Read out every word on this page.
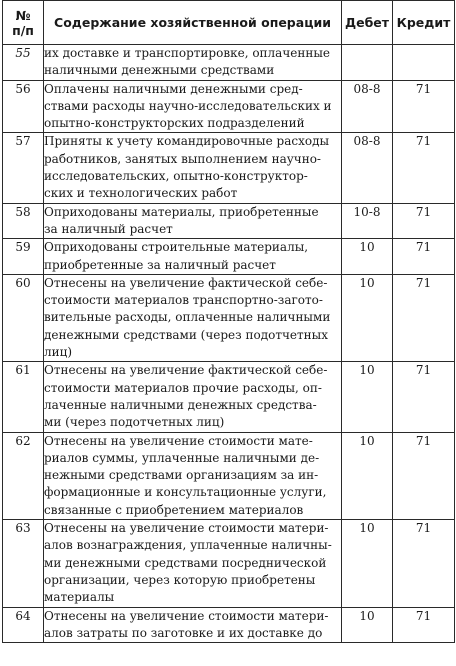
№
п/п	Содержание хозяйственной операции	Дебет	Кредит
55	их доставке и транспортировке, оплаченные
наличными денежными средствами		

56	Оплачены наличными денежными сред-
ствами расходы научно-исследовательских и
опытно-конструкторских подразделений	08-8	71
57	Приняты к учету командировочные расходы
работников, занятых выполнением научно-
исследовательских, опытно-конструктор-
ских и технологических работ	08-8	71
58	Оприходованы материалы, приобретенные
за наличный расчет	10-8	71
59	Оприходованы строительные материалы,
приобретенные за наличный расчет	10	71
60	Отнесены на увеличение фактической себе-
стоимости материалов транспортно-загото-
вительные расходы, оплаченные наличными
денежными средствами (через подотчетных
лиц)	10	71
61	Отнесены на увеличение фактической себе-
стоимости материалов прочие расходы, оп-
лаченные наличными денежных средства-
ми (через подотчетных лиц)	10	71
62	Отнесены на увеличение стоимости мате-
риалов суммы, уплаченные наличными де-
нежными средствами организациям за ин-
формационные и консультационные услуги,
связанные с приобретением материалов	10	71
63	Отнесены на увеличение стоимости матери-
алов вознаграждения, уплаченные наличны-
ми денежными средствами посреднической
организации, через которую приобретены
материалы	10	71
64	Отнесены на увеличение стоимости матери-
алов затраты по заготовке и их доставке до	10	71
